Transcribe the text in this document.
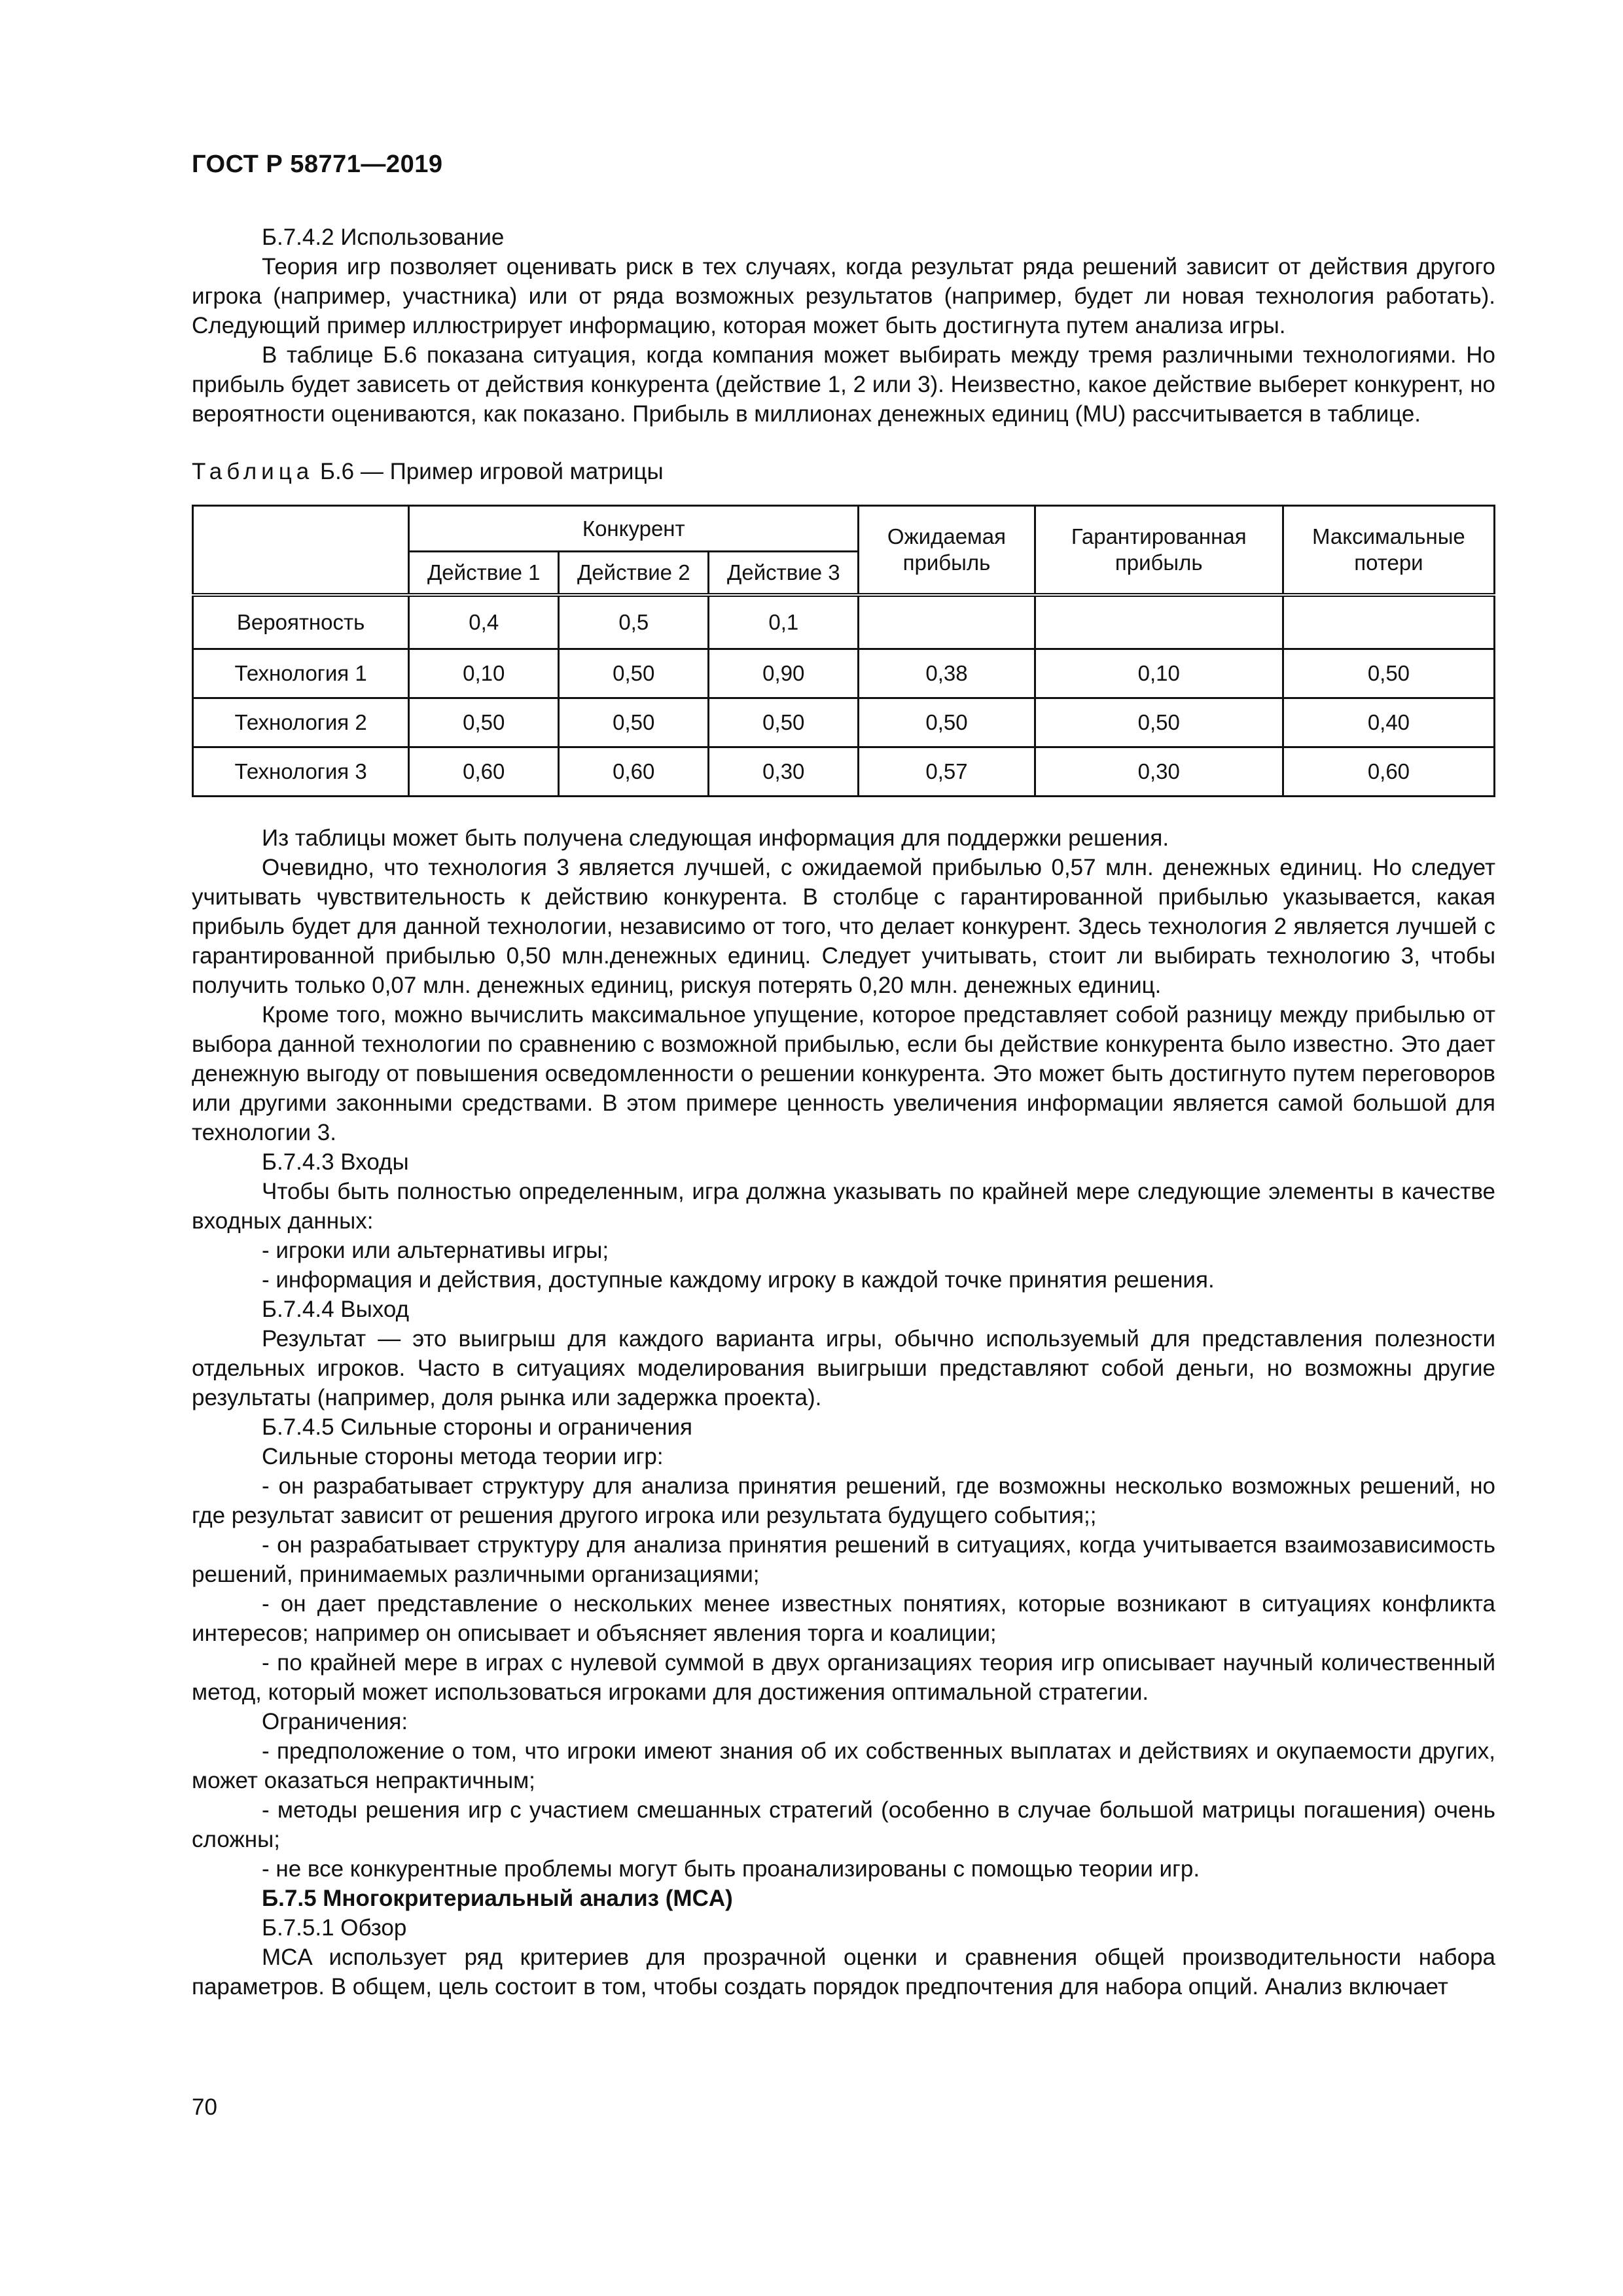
ГОСТ Р 58771—2019

Б.7.4.2 Использование

Теория игр позволяет оценивать риск в тех случаях, когда результат ряда решений зависит от действия другого игрока (например, участника) или от ряда возможных результатов (например, будет ли новая технология работать). Следующий пример иллюстрирует информацию, которая может быть достигнута путем анализа игры.

В таблице Б.6 показана ситуация, когда компания может выбирать между тремя различными технологиями. Но прибыль будет зависеть от действия конкурента (действие 1, 2 или 3). Неизвестно, какое действие выберет конкурент, но вероятности оцениваются, как показано. Прибыль в миллионах денежных единиц (MU) рассчитывается в таблице.

Таблица Б.6 — Пример игровой матрицы

	Конкурент			Ожидаемая прибыль	Гарантированная прибыль	Максимальные потери
	Действие 1	Действие 2	Действие 3			
Вероятность	0,4	0,5	0,1			
Технология 1	0,10	0,50	0,90	0,38	0,10	0,50
Технология 2	0,50	0,50	0,50	0,50	0,50	0,40
Технология 3	0,60	0,60	0,30	0,57	0,30	0,60

Из таблицы может быть получена следующая информация для поддержки решения.

Очевидно, что технология 3 является лучшей, с ожидаемой прибылью 0,57 млн. денежных единиц. Но следует учитывать чувствительность к действию конкурента. В столбце с гарантированной прибылью указывается, какая прибыль будет для данной технологии, независимо от того, что делает конкурент. Здесь технология 2 является лучшей с гарантированной прибылью 0,50 млн.денежных единиц. Следует учитывать, стоит ли выбирать технологию 3, чтобы получить только 0,07 млн. денежных единиц, рискуя потерять 0,20 млн. денежных единиц.

Кроме того, можно вычислить максимальное упущение, которое представляет собой разницу между прибылью от выбора данной технологии по сравнению с возможной прибылью, если бы действие конкурента было известно. Это дает денежную выгоду от повышения осведомленности о решении конкурента. Это может быть достигнуто путем переговоров или другими законными средствами. В этом примере ценность увеличения информации является самой большой для технологии 3.

Б.7.4.3 Входы

Чтобы быть полностью определенным, игра должна указывать по крайней мере следующие элементы в качестве входных данных:

- игроки или альтернативы игры;

- информация и действия, доступные каждому игроку в каждой точке принятия решения.

Б.7.4.4 Выход

Результат — это выигрыш для каждого варианта игры, обычно используемый для представления полезности отдельных игроков. Часто в ситуациях моделирования выигрыши представляют собой деньги, но возможны другие результаты (например, доля рынка или задержка проекта).

Б.7.4.5 Сильные стороны и ограничения

Сильные стороны метода теории игр:

- он разрабатывает структуру для анализа принятия решений, где возможны несколько возможных решений, но где результат зависит от решения другого игрока или результата будущего события;;

- он разрабатывает структуру для анализа принятия решений в ситуациях, когда учитывается взаимозависимость решений, принимаемых различными организациями;

- он дает представление о нескольких менее известных понятиях, которые возникают в ситуациях конфликта интересов; например он описывает и объясняет явления торга и коалиции;

- по крайней мере в играх с нулевой суммой в двух организациях теория игр описывает научный количественный метод, который может использоваться игроками для достижения оптимальной стратегии.

Ограничения:

- предположение о том, что игроки имеют знания об их собственных выплатах и действиях и окупаемости других, может оказаться непрактичным;

- методы решения игр с участием смешанных стратегий (особенно в случае большой матрицы погашения) очень сложны;

- не все конкурентные проблемы могут быть проанализированы с помощью теории игр.

Б.7.5 Многокритериальный анализ (MCA)

Б.7.5.1 Обзор

MCA использует ряд критериев для прозрачной оценки и сравнения общей производительности набора параметров. В общем, цель состоит в том, чтобы создать порядок предпочтения для набора опций. Анализ включает

70
